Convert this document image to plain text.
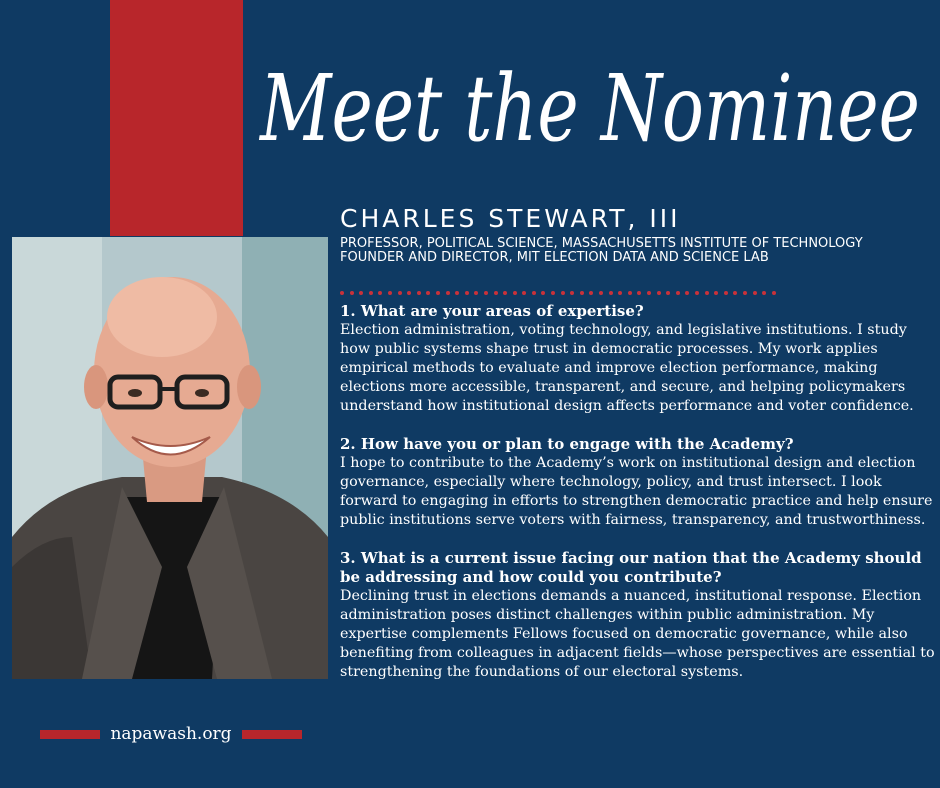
Meet the Nominee
CHARLES STEWART, III
PROFESSOR, POLITICAL SCIENCE, MASSACHUSETTS INSTITUTE OF TECHNOLOGY
FOUNDER AND DIRECTOR, MIT ELECTION DATA AND SCIENCE LAB
1. What are your areas of expertise?
Election administration, voting technology, and legislative institutions. I study how public systems shape trust in democratic processes. My work applies empirical methods to evaluate and improve election performance, making elections more accessible, transparent, and secure, and helping policymakers understand how institutional design affects performance and voter confidence.
2. How have you or plan to engage with the Academy?
I hope to contribute to the Academy’s work on institutional design and election governance, especially where technology, policy, and trust intersect. I look forward to engaging in efforts to strengthen democratic practice and help ensure public institutions serve voters with fairness, transparency, and trustworthiness.
3. What is a current issue facing our nation that the Academy should be addressing and how could you contribute?
Declining trust in elections demands a nuanced, institutional response. Election administration poses distinct challenges within public administration. My expertise complements Fellows focused on democratic governance, while also benefiting from colleagues in adjacent fields—whose perspectives are essential to strengthening the foundations of our electoral systems.
napawash.org
